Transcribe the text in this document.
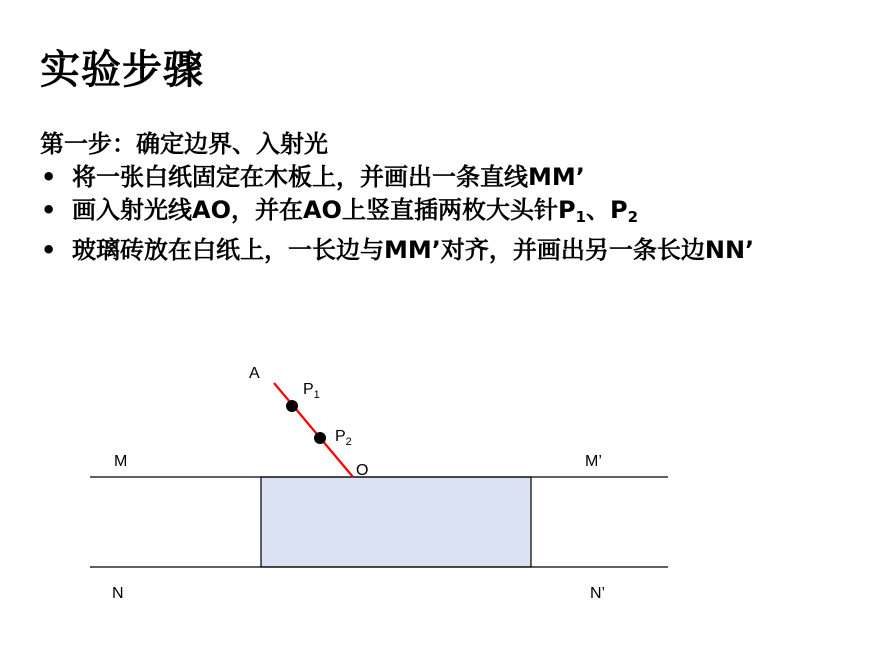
实验步骤

第一步：确定边界、入射光

• 将一张白纸固定在木板上，并画出一条直线MM’
• 画入射光线AO，并在AO上竖直插两枚大头针$P_1$、$P_2$
• 玻璃砖放在白纸上，一长边与MM’对齐，并画出另一条长边NN’
A
$P_1$
$P_2$
O
M	M’
N	N’
